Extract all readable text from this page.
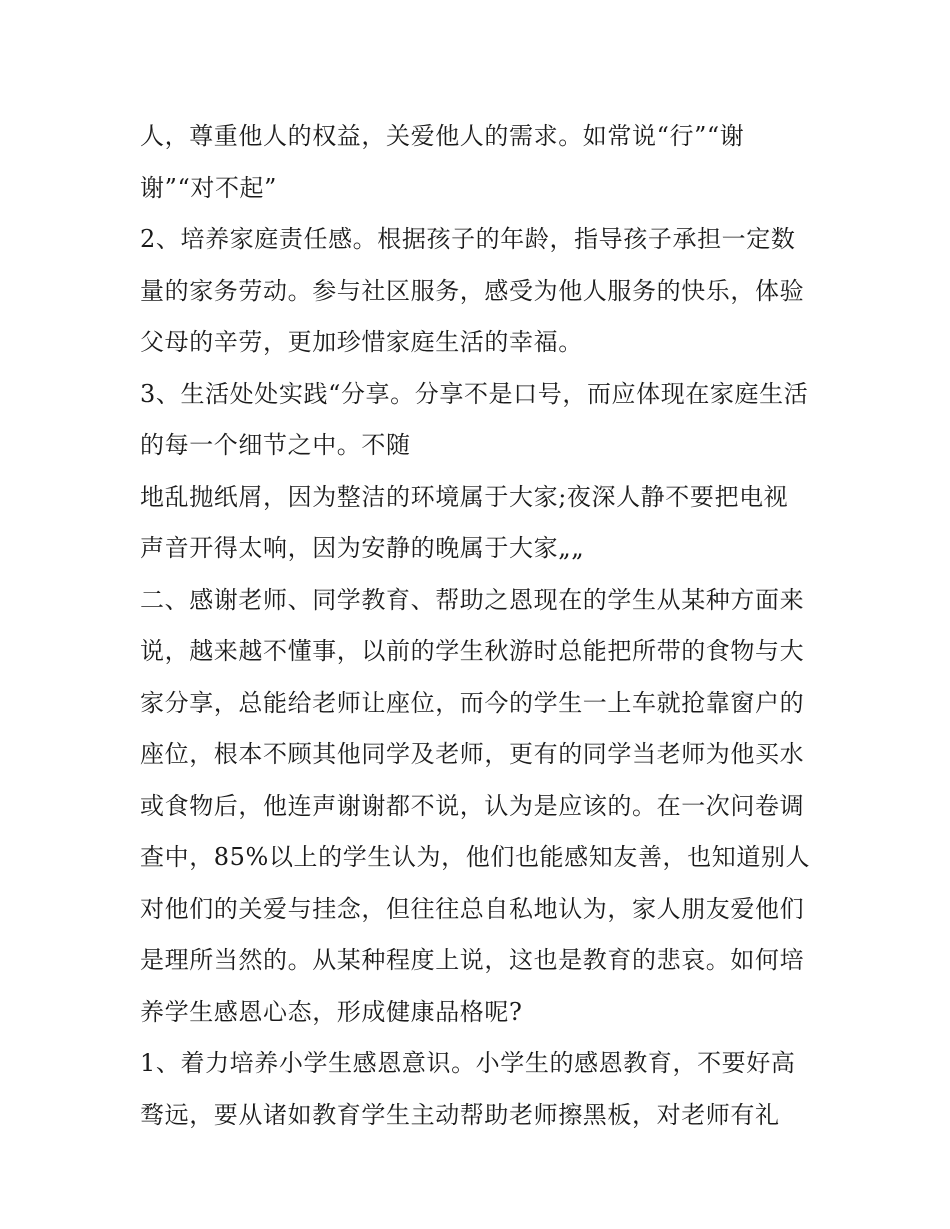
人，尊重他人的权益，关爱他人的需求。如常说“行”“谢
谢”“对不起”
2、培养家庭责任感。根据孩子的年龄，指导孩子承担一定数
量的家务劳动。参与社区服务，感受为他人服务的快乐，体验
父母的辛劳，更加珍惜家庭生活的幸福。
3、生活处处实践“分享。分享不是口号，而应体现在家庭生活
的每一个细节之中。不随
地乱抛纸屑，因为整洁的环境属于大家;夜深人静不要把电视
声音开得太响，因为安静的晚属于大家„„
二、感谢老师、同学教育、帮助之恩现在的学生从某种方面来
说，越来越不懂事，以前的学生秋游时总能把所带的食物与大
家分享，总能给老师让座位，而今的学生一上车就抢靠窗户的
座位，根本不顾其他同学及老师，更有的同学当老师为他买水
或食物后，他连声谢谢都不说，认为是应该的。在一次问卷调
查中，85%以上的学生认为，他们也能感知友善，也知道别人
对他们的关爱与挂念，但往往总自私地认为，家人朋友爱他们
是理所当然的。从某种程度上说，这也是教育的悲哀。如何培
养学生感恩心态，形成健康品格呢?
1、着力培养小学生感恩意识。小学生的感恩教育，不要好高
骛远，要从诸如教育学生主动帮助老师擦黑板，对老师有礼
